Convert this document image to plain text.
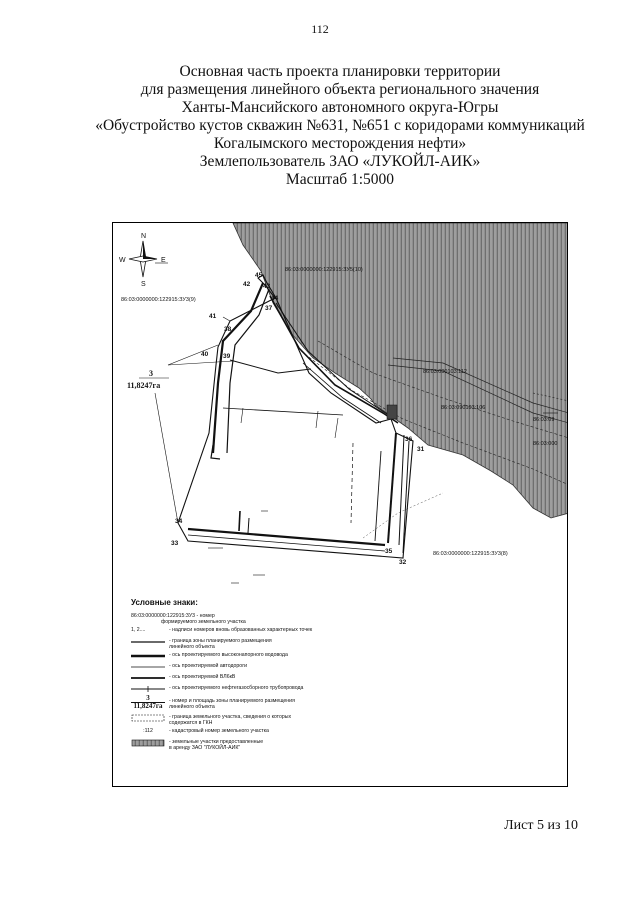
112
Основная часть проекта планировки территории
для размещения линейного объекта регионального значения
Ханты-Мансийского автономного округа-Югры
«Обустройство кустов скважин №631, №651 с коридорами коммуникаций
Когалымского месторождения нефти»
Землепользователь ЗАО «ЛУКОЙЛ-АИК»
Масштаб 1:5000
N
S
W	E
86:03:0000000:122915:ЗУ5(10)
86:03:0000000:122915:ЗУ3(9)
86:03:090103:112
86:03:090103:106
86:03:0000000:122915:ЗУ3(8)
86:03:09
86:03:000
45
42
44
43
41
37
38
40 39
36
31
34
33
35
32
3
11,8247га
Условные знаки:
86:03:0000000:122915:ЗУ3 - номер
формируемого земельного участка
1, 2....	- надписи номеров вновь образованных характерных точек
- граница зоны планируемого размещения
линейного объекта
- ось проектируемого высоконапорного водовода
- ось проектируемой автодороги
- ось проектируемой ВЛ6кВ
- ось проектируемого нефтегазосборного трубопровода
3
11,8247га
- номер и площадь зоны планируемого размещения
линейного объекта
- граница земельного участка, сведения о которых
содержатся в ГКН
:112	- кадастровый номер земельного участка
- земельные участки предоставленные
в аренду ЗАО "ЛУКОЙЛ-АИК"
Лист 5 из 10
